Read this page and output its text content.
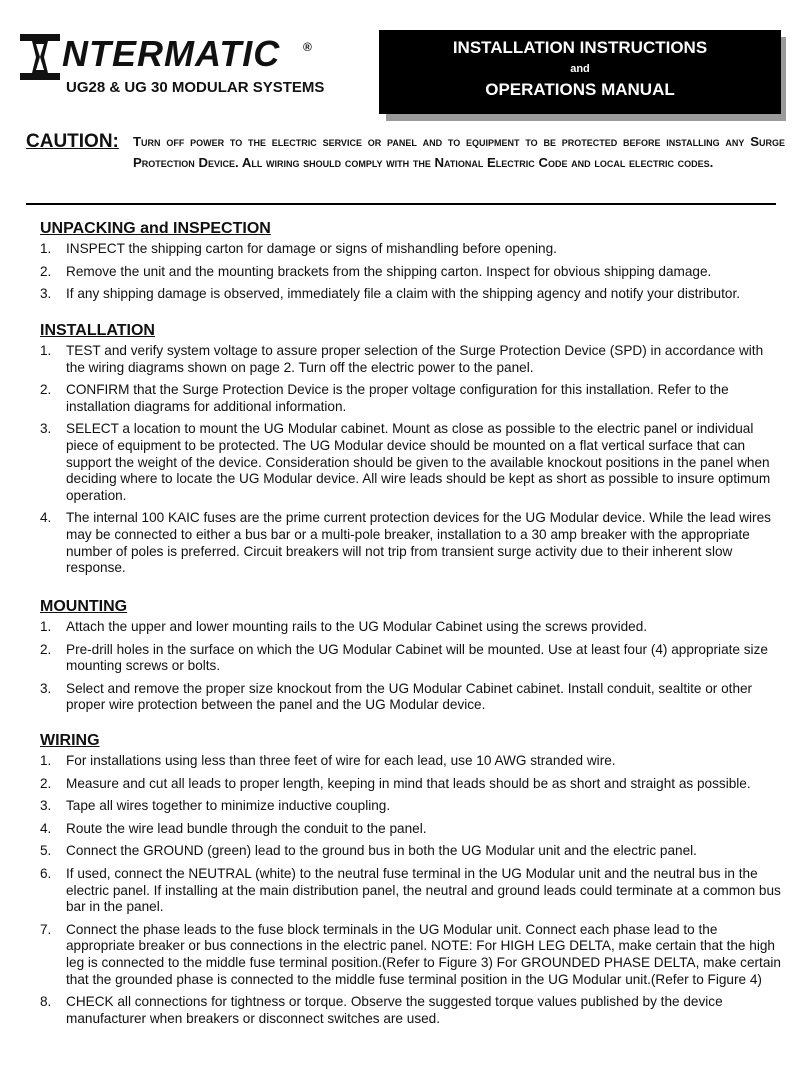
NTERMATIC ®
UG28 & UG 30 MODULAR SYSTEMS
INSTALLATION INSTRUCTIONS
and
OPERATIONS MANUAL
CAUTION: Turn off power to the electric service or panel and to equipment to be protected before installing any Surge Protection Device. All wiring should comply with the National Electric Code and local electric codes.
UNPACKING and INSPECTION
1. INSPECT the shipping carton for damage or signs of mishandling before opening.
2. Remove the unit and the mounting brackets from the shipping carton. Inspect for obvious shipping damage.
3. If any shipping damage is observed, immediately file a claim with the shipping agency and notify your distributor.
INSTALLATION
1. TEST and verify system voltage to assure proper selection of the Surge Protection Device (SPD) in accordance with the wiring diagrams shown on page 2. Turn off the electric power to the panel.
2. CONFIRM that the Surge Protection Device is the proper voltage configuration for this installation. Refer to the installation diagrams for additional information.
3. SELECT a location to mount the UG Modular cabinet. Mount as close as possible to the electric panel or individual piece of equipment to be protected. The UG Modular device should be mounted on a flat vertical surface that can support the weight of the device. Consideration should be given to the available knockout positions in the panel when deciding where to locate the UG Modular device. All wire leads should be kept as short as possible to insure optimum operation.
4. The internal 100 KAIC fuses are the prime current protection devices for the UG Modular device. While the lead wires may be connected to either a bus bar or a multi-pole breaker, installation to a 30 amp breaker with the appropriate number of poles is preferred. Circuit breakers will not trip from transient surge activity due to their inherent slow response.
MOUNTING
1. Attach the upper and lower mounting rails to the UG Modular Cabinet using the screws provided.
2. Pre-drill holes in the surface on which the UG Modular Cabinet will be mounted. Use at least four (4) appropriate size mounting screws or bolts.
3. Select and remove the proper size knockout from the UG Modular Cabinet cabinet. Install conduit, sealtite or other proper wire protection between the panel and the UG Modular device.
WIRING
1. For installations using less than three feet of wire for each lead, use 10 AWG stranded wire.
2. Measure and cut all leads to proper length, keeping in mind that leads should be as short and straight as possible.
3. Tape all wires together to minimize inductive coupling.
4. Route the wire lead bundle through the conduit to the panel.
5. Connect the GROUND (green) lead to the ground bus in both the UG Modular unit and the electric panel.
6. If used, connect the NEUTRAL (white) to the neutral fuse terminal in the UG Modular unit and the neutral bus in the electric panel. If installing at the main distribution panel, the neutral and ground leads could terminate at a common bus bar in the panel.
7. Connect the phase leads to the fuse block terminals in the UG Modular unit. Connect each phase lead to the appropriate breaker or bus connections in the electric panel. NOTE: For HIGH LEG DELTA, make certain that the high leg is connected to the middle fuse terminal position.(Refer to Figure 3) For GROUNDED PHASE DELTA, make certain that the grounded phase is connected to the middle fuse terminal position in the UG Modular unit.(Refer to Figure 4)
8. CHECK all connections for tightness or torque. Observe the suggested torque values published by the device manufacturer when breakers or disconnect switches are used.
